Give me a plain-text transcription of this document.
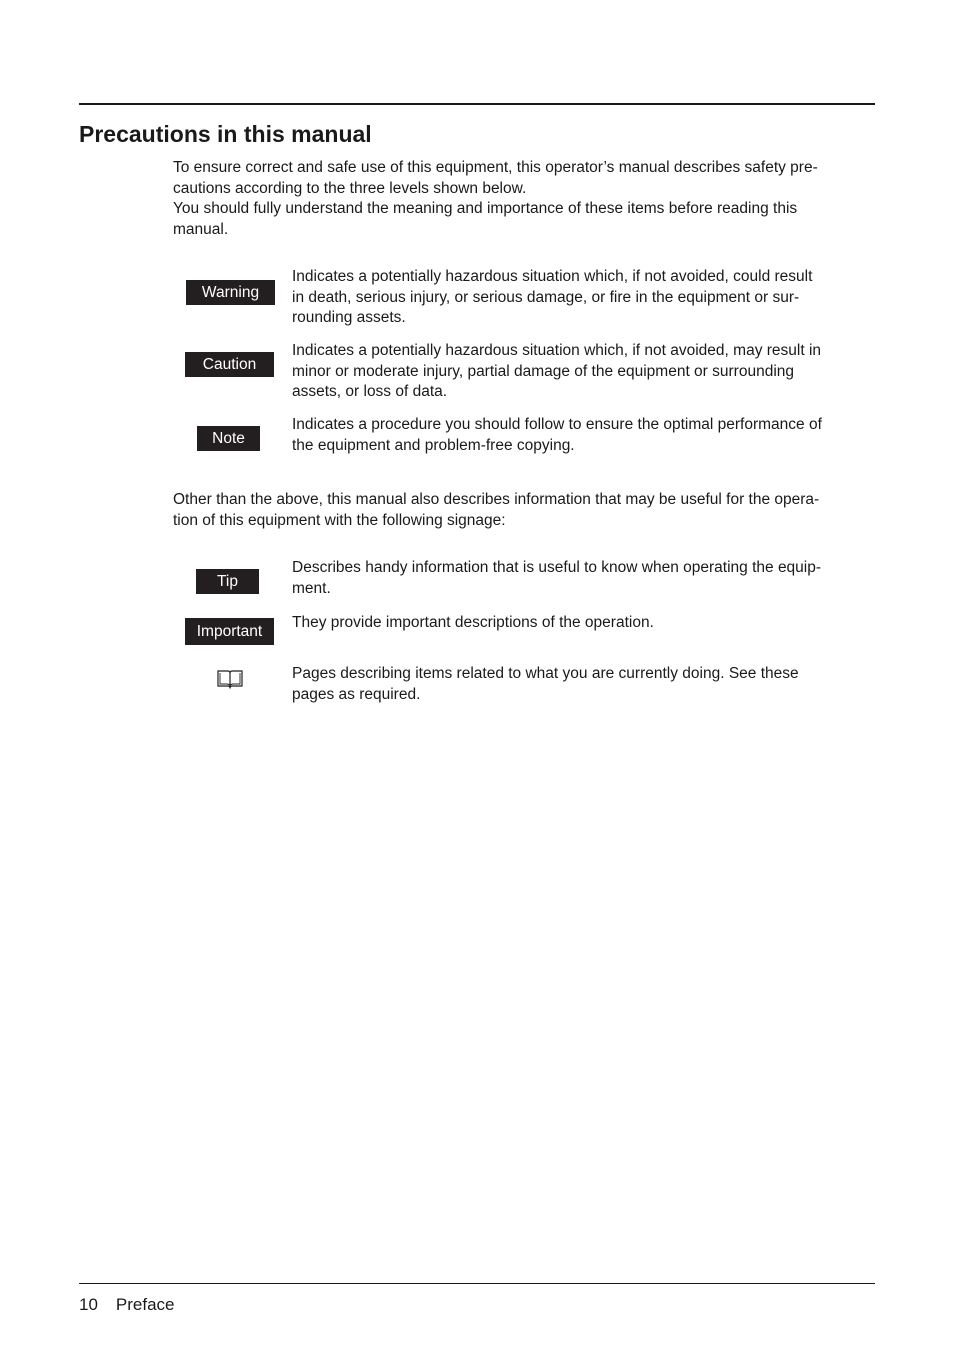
Precautions in this manual

To ensure correct and safe use of this equipment, this operator’s manual describes safety pre-

cautions according to the three levels shown below.

You should fully understand the meaning and importance of these items before reading this

manual.

Warning

Indicates a potentially hazardous situation which, if not avoided, could result

in death, serious injury, or serious damage, or fire in the equipment or sur-

rounding assets.

Caution

Indicates a potentially hazardous situation which, if not avoided, may result in

minor or moderate injury, partial damage of the equipment or surrounding

assets, or loss of data.

Note

Indicates a procedure you should follow to ensure the optimal performance of

the equipment and problem-free copying.

Other than the above, this manual also describes information that may be useful for the opera-

tion of this equipment with the following signage:

Tip

Describes handy information that is useful to know when operating the equip-

ment.

Important

They provide important descriptions of the operation.

Pages describing items related to what you are currently doing. See these

pages as required.

10 Preface
